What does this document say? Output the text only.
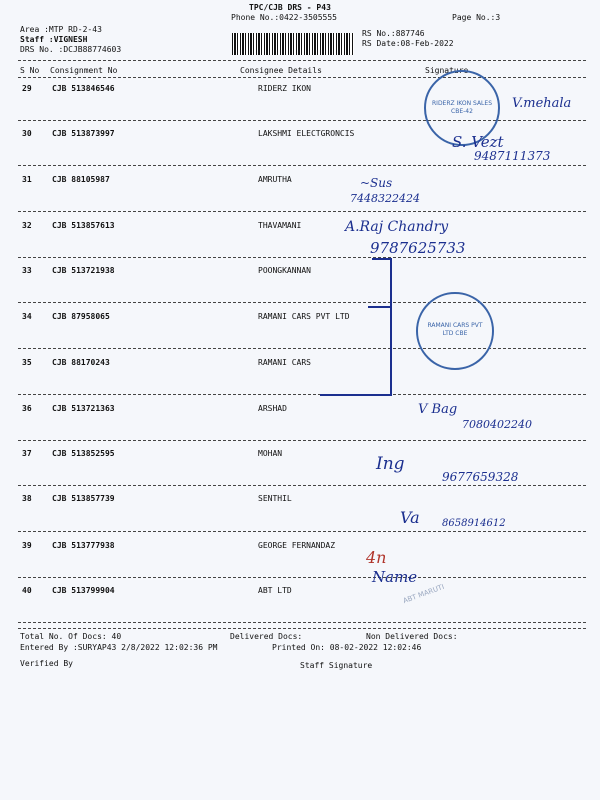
TPC/CJB DRS - P43
Phone No.:0422-3505555	Page No.:3
Area :MTP RD-2-43
Staff :VIGNESH
DRS No. :DCJB88774603
RS No.:887746
RS Date:08-Feb-2022
S No Consignment No	Consignee Details	Signature
29	CJB 513846546	RIDERZ IKON
30	CJB 513873997	LAKSHMI ELECTGRONCIS
31	CJB 88105987	AMRUTHA
32	CJB 513857613	THAVAMANI
33	CJB 513721938	POONGKANNAN
34	CJB 87958065	RAMANI CARS PVT LTD
35	CJB 88170243	RAMANI CARS
36	CJB 513721363	ARSHAD
37	CJB 513852595	MOHAN
38	CJB 513857739	SENTHIL
39	CJB 513777938	GEORGE FERNANDAZ
40	CJB 513799904	ABT LTD
RIDERZ IKON SALES CBE-42
RAMANI CARS PVT LTD CBE
ABT MARUTI
V.mehala
S. Vezt
9487111373
~Sus
7448322424
A.Raj Chandry
9787625733
V Bag
7080402240
Ing
9677659328
Va 8658914612
4n
Name
Total No. Of Docs: 40	Delivered Docs:	Non Delivered Docs:
Entered By :SURYAP43 2/8/2022 12:02:36 PM	Printed On: 08-02-2022 12:02:46
Verified By	Staff Signature
